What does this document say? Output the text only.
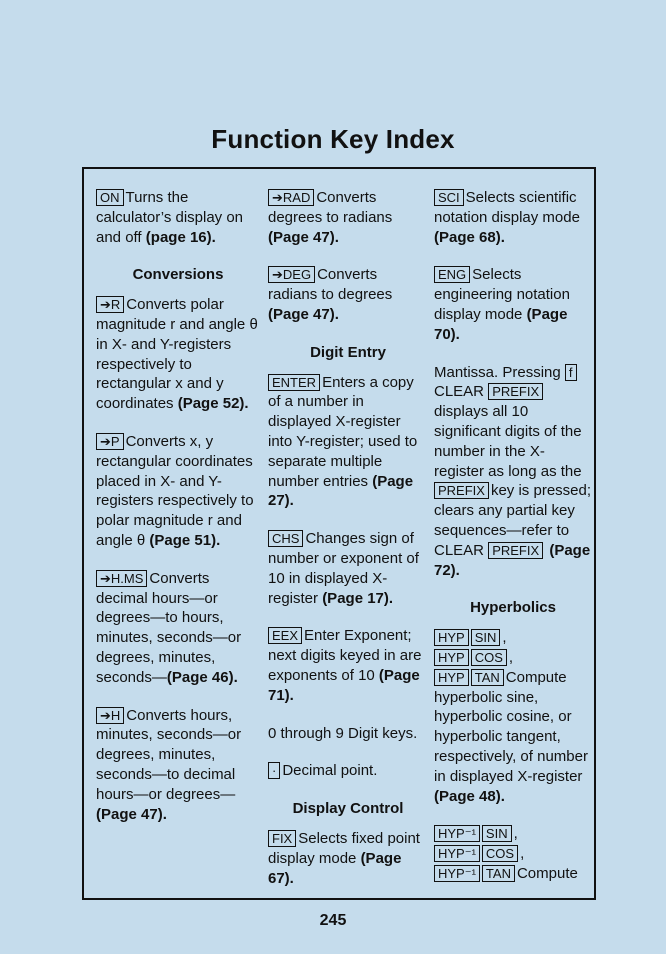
Function Key Index

ON Turns the calculator’s display on and off (page 16).

Conversions

➔R Converts polar magnitude r and angle θ in X- and Y-registers respectively to rectangular x and y coordinates (Page 52).

➔P Converts x, y rectangular coordinates placed in X- and Y-registers respectively to polar magnitude r and angle θ (Page 51).

➔H.MS Converts decimal hours—or degrees—to hours, minutes, seconds—or degrees, minutes, seconds—(Page 46).

➔H Converts hours, minutes, seconds—or degrees, minutes, seconds—to decimal hours—or degrees—(Page 47).

➔RAD Converts degrees to radians (Page 47).

➔DEG Converts radians to degrees (Page 47).

Digit Entry

ENTER Enters a copy of a number in displayed X-register into Y-register; used to separate multiple number entries (Page 27).

CHS Changes sign of number or exponent of 10 in displayed X-register (Page 17).

EEX Enter Exponent; next digits keyed in are exponents of 10 (Page 71).

0 through 9 Digit keys.

· Decimal point.

Display Control

FIX Selects fixed point display mode (Page 67).

SCI Selects scientific notation display mode (Page 68).

ENG Selects engineering notation display mode (Page 70).

Mantissa. Pressing fCLEAR PREFIX displays all 10 significant digits of the number in the X-register as long as the PREFIX key is pressed; clears any partial key sequences—refer to CLEAR PREFIX (Page 72).

Hyperbolics

HYP SIN ,
HYP COS ,
HYP TAN Compute hyperbolic sine, hyperbolic cosine, or hyperbolic tangent, respectively, of number in displayed X-register (Page 48).

HYP⁻¹ SIN ,
HYP⁻¹ COS ,
HYP⁻¹ TAN Compute

245
